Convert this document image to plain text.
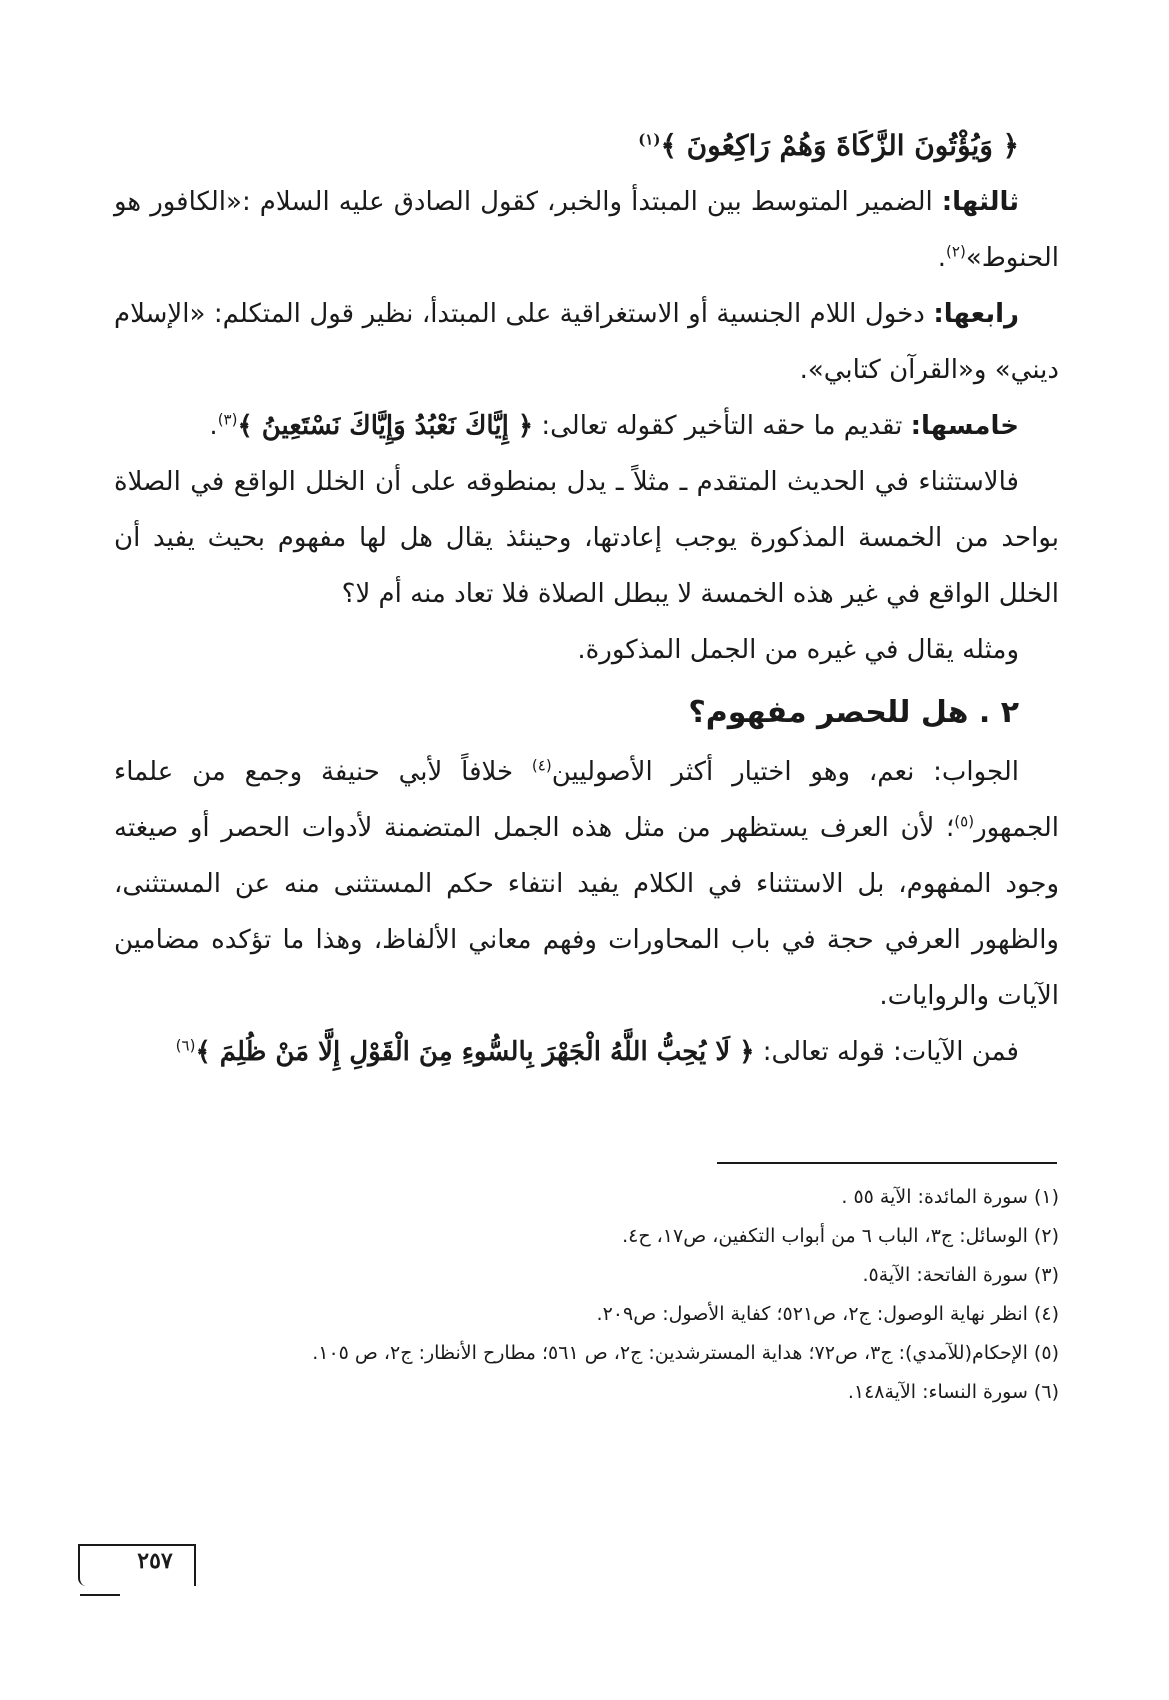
﴿ وَيُؤْتُونَ الزَّكَاةَ وَهُمْ رَاكِعُونَ ﴾$^{(١)}$

ثالثها: الضمير المتوسط بين المبتدأ والخبر، كقول الصادق عليه السلام :«الكافور هو الحنوط»$^{(٢)}$.

رابعها: دخول اللام الجنسية أو الاستغراقية على المبتدأ، نظير قول المتكلم: «الإسلام ديني» و«القرآن كتابي».

خامسها: تقديم ما حقه التأخير كقوله تعالى: ﴿ إِيَّاكَ نَعْبُدُ وَإِيَّاكَ نَسْتَعِينُ ﴾$^{(٣)}$.

فالاستثناء في الحديث المتقدم ـ مثلاً ـ يدل بمنطوقه على أن الخلل الواقع في الصلاة بواحد من الخمسة المذكورة يوجب إعادتها، وحينئذ يقال هل لها مفهوم بحيث يفيد أن الخلل الواقع في غير هذه الخمسة لا يبطل الصلاة فلا تعاد منه أم لا؟

ومثله يقال في غيره من الجمل المذكورة.

٢ . هل للحصر مفهوم؟

الجواب: نعم، وهو اختيار أكثر الأصوليين$^{(٤)}$ خلافاً لأبي حنيفة وجمع من علماء الجمهور$^{(٥)}$؛ لأن العرف يستظهر من مثل هذه الجمل المتضمنة لأدوات الحصر أو صيغته وجود المفهوم، بل الاستثناء في الكلام يفيد انتفاء حكم المستثنى منه عن المستثنى، والظهور العرفي حجة في باب المحاورات وفهم معاني الألفاظ، وهذا ما تؤكده مضامين الآيات والروايات.

فمن الآيات: قوله تعالى: ﴿ لَا يُحِبُّ اللَّهُ الْجَهْرَ بِالسُّوءِ مِنَ الْقَوْلِ إِلَّا مَنْ ظُلِمَ ﴾$^{(٦)}$

(١) سورة المائدة: الآية ٥٥ .

(٢) الوسائل: ج٣، الباب ٦ من أبواب التكفين، ص١٧، ح٤.

(٣) سورة الفاتحة: الآية٥.

(٤) انظر نهاية الوصول: ج٢، ص٥٢١؛ كفاية الأصول: ص٢٠٩.

(٥) الإحكام(للآمدي): ج٣، ص٧٢؛ هداية المسترشدين: ج٢، ص ٥٦١؛ مطارح الأنظار: ج٢، ص ١٠٥.

(٦) سورة النساء: الآية١٤٨.

٢٥٧
